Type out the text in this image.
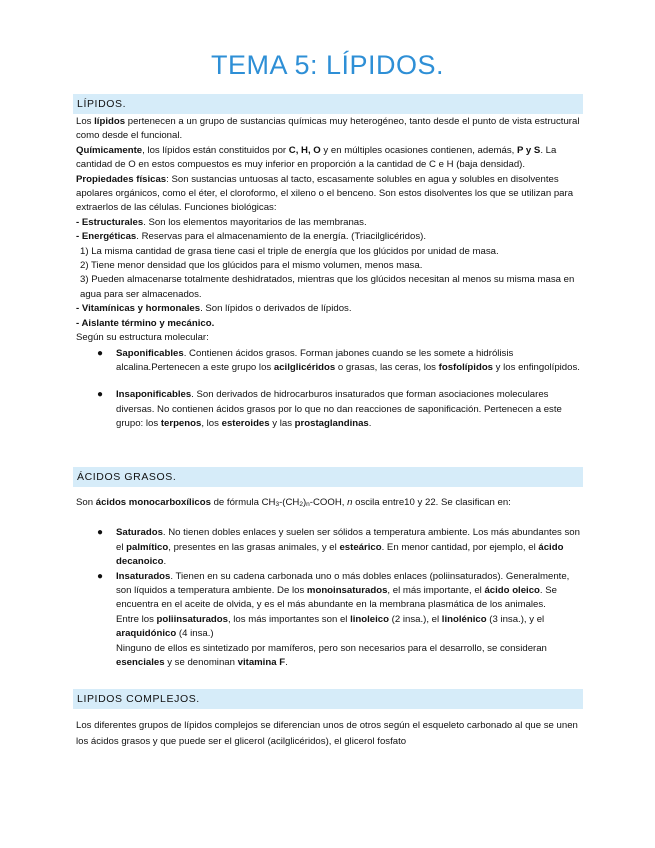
TEMA 5: LÍPIDOS.
LÍPIDOS.

Los lípidos pertenecen a un grupo de sustancias químicas muy heterogéneo, tanto desde el punto de vista estructural como desde el funcional.

Químicamente, los lípidos están constituidos por C, H, O y en múltiples ocasiones contienen, además, P y S. La cantidad de O en estos compuestos es muy inferior en proporción a la cantidad de C e H (baja densidad).

Propiedades físicas: Son sustancias untuosas al tacto, escasamente solubles en agua y solubles en disolventes apolares orgánicos, como el éter, el cloroformo, el xileno o el benceno. Son estos disolventes los que se utilizan para extraerlos de las células. Funciones biológicas:

- Estructurales. Son los elementos mayoritarios de las membranas.

- Energéticas. Reservas para el almacenamiento de la energía. (Triacilglicéridos).

1) La misma cantidad de grasa tiene casi el triple de energía que los glúcidos por unidad de masa.

2) Tiene menor densidad que los glúcidos para el mismo volumen, menos masa.

3) Pueden almacenarse totalmente deshidratados, mientras que los glúcidos necesitan al menos su misma masa en agua para ser almacenados.

- Vitamínicas y hormonales. Son lípidos o derivados de lípidos.

- Aislante término y mecánico.

Según su estructura molecular:

● Saponificables. Contienen ácidos grasos. Forman jabones cuando se les somete a hidrólisis alcalina.Pertenecen a este grupo los acilglicéridos o grasas, las ceras, los fosfolípidos y los enfingolípidos.
● Insaponificables. Son derivados de hidrocarburos insaturados que forman asociaciones moleculares diversas. No contienen ácidos grasos por lo que no dan reacciones de saponificación. Pertenecen a este grupo: los terpenos, los esteroides y las prostaglandinas.
ÁCIDOS GRASOS.

Son ácidos monocarboxílicos de fórmula $CH_3-(CH_2)_n$-COOH, n oscila entre10 y 22. Se clasifican en:

● Saturados. No tienen dobles enlaces y suelen ser sólidos a temperatura ambiente. Los más abundantes son el palmítico, presentes en las grasas animales, y el esteárico. En menor cantidad, por ejemplo, el ácido decanoico.
● Insaturados. Tienen en su cadena carbonada uno o más dobles enlaces (poliinsaturados). Generalmente, son líquidos a temperatura ambiente. De los monoinsaturados, el más importante, el ácido oleico. Se encuentra en el aceite de olvida, y es el más abundante en la membrana plasmática de los animales.
Entre los poliinsaturados, los más importantes son el linoleico (2 insa.), el linolénico (3 insa.), y el araquidónico (4 insa.)
Ninguno de ellos es sintetizado por mamíferos, pero son necesarios para el desarrollo, se consideran esenciales y se denominan vitamina F.
LIPIDOS COMPLEJOS.

Los diferentes grupos de lípidos complejos se diferencian unos de otros según el esqueleto carbonado al que se unen los ácidos grasos y que puede ser el glicerol (acilglicéridos), el glicerol fosfato
